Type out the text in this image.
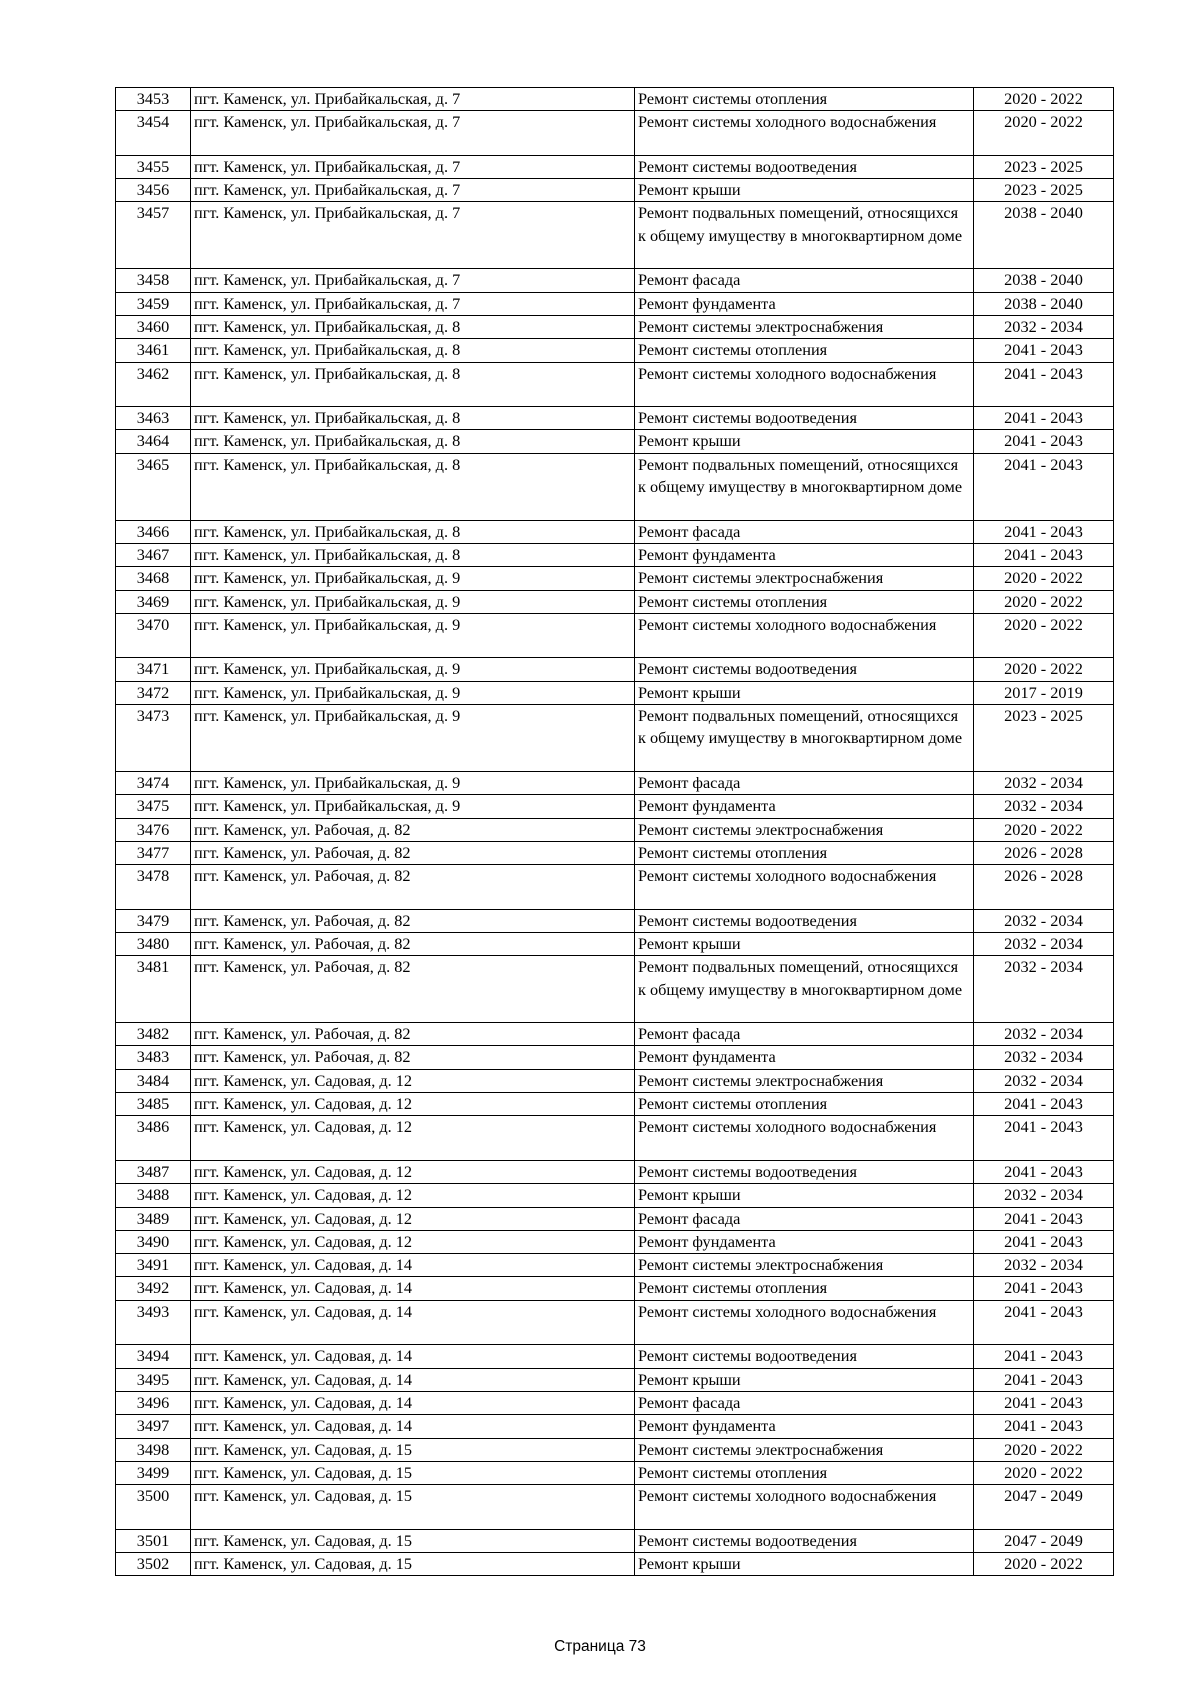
3453	пгт. Каменск, ул. Прибайкальская, д. 7	Ремонт системы отопления	2020 - 2022
3454	пгт. Каменск, ул. Прибайкальская, д. 7	Ремонт системы холодного водоснабжения	2020 - 2022
3455	пгт. Каменск, ул. Прибайкальская, д. 7	Ремонт системы водоотведения	2023 - 2025
3456	пгт. Каменск, ул. Прибайкальская, д. 7	Ремонт крыши	2023 - 2025
3457	пгт. Каменск, ул. Прибайкальская, д. 7	Ремонт подвальных помещений, относящихся к общему имуществу в многоквартирном доме	2038 - 2040
3458	пгт. Каменск, ул. Прибайкальская, д. 7	Ремонт фасада	2038 - 2040
3459	пгт. Каменск, ул. Прибайкальская, д. 7	Ремонт фундамента	2038 - 2040
3460	пгт. Каменск, ул. Прибайкальская, д. 8	Ремонт системы электроснабжения	2032 - 2034
3461	пгт. Каменск, ул. Прибайкальская, д. 8	Ремонт системы отопления	2041 - 2043
3462	пгт. Каменск, ул. Прибайкальская, д. 8	Ремонт системы холодного водоснабжения	2041 - 2043
3463	пгт. Каменск, ул. Прибайкальская, д. 8	Ремонт системы водоотведения	2041 - 2043
3464	пгт. Каменск, ул. Прибайкальская, д. 8	Ремонт крыши	2041 - 2043
3465	пгт. Каменск, ул. Прибайкальская, д. 8	Ремонт подвальных помещений, относящихся к общему имуществу в многоквартирном доме	2041 - 2043
3466	пгт. Каменск, ул. Прибайкальская, д. 8	Ремонт фасада	2041 - 2043
3467	пгт. Каменск, ул. Прибайкальская, д. 8	Ремонт фундамента	2041 - 2043
3468	пгт. Каменск, ул. Прибайкальская, д. 9	Ремонт системы электроснабжения	2020 - 2022
3469	пгт. Каменск, ул. Прибайкальская, д. 9	Ремонт системы отопления	2020 - 2022
3470	пгт. Каменск, ул. Прибайкальская, д. 9	Ремонт системы холодного водоснабжения	2020 - 2022
3471	пгт. Каменск, ул. Прибайкальская, д. 9	Ремонт системы водоотведения	2020 - 2022
3472	пгт. Каменск, ул. Прибайкальская, д. 9	Ремонт крыши	2017 - 2019
3473	пгт. Каменск, ул. Прибайкальская, д. 9	Ремонт подвальных помещений, относящихся к общему имуществу в многоквартирном доме	2023 - 2025
3474	пгт. Каменск, ул. Прибайкальская, д. 9	Ремонт фасада	2032 - 2034
3475	пгт. Каменск, ул. Прибайкальская, д. 9	Ремонт фундамента	2032 - 2034
3476	пгт. Каменск, ул. Рабочая, д. 82	Ремонт системы электроснабжения	2020 - 2022
3477	пгт. Каменск, ул. Рабочая, д. 82	Ремонт системы отопления	2026 - 2028
3478	пгт. Каменск, ул. Рабочая, д. 82	Ремонт системы холодного водоснабжения	2026 - 2028
3479	пгт. Каменск, ул. Рабочая, д. 82	Ремонт системы водоотведения	2032 - 2034
3480	пгт. Каменск, ул. Рабочая, д. 82	Ремонт крыши	2032 - 2034
3481	пгт. Каменск, ул. Рабочая, д. 82	Ремонт подвальных помещений, относящихся к общему имуществу в многоквартирном доме	2032 - 2034
3482	пгт. Каменск, ул. Рабочая, д. 82	Ремонт фасада	2032 - 2034
3483	пгт. Каменск, ул. Рабочая, д. 82	Ремонт фундамента	2032 - 2034
3484	пгт. Каменск, ул. Садовая, д. 12	Ремонт системы электроснабжения	2032 - 2034
3485	пгт. Каменск, ул. Садовая, д. 12	Ремонт системы отопления	2041 - 2043
3486	пгт. Каменск, ул. Садовая, д. 12	Ремонт системы холодного водоснабжения	2041 - 2043
3487	пгт. Каменск, ул. Садовая, д. 12	Ремонт системы водоотведения	2041 - 2043
3488	пгт. Каменск, ул. Садовая, д. 12	Ремонт крыши	2032 - 2034
3489	пгт. Каменск, ул. Садовая, д. 12	Ремонт фасада	2041 - 2043
3490	пгт. Каменск, ул. Садовая, д. 12	Ремонт фундамента	2041 - 2043
3491	пгт. Каменск, ул. Садовая, д. 14	Ремонт системы электроснабжения	2032 - 2034
3492	пгт. Каменск, ул. Садовая, д. 14	Ремонт системы отопления	2041 - 2043
3493	пгт. Каменск, ул. Садовая, д. 14	Ремонт системы холодного водоснабжения	2041 - 2043
3494	пгт. Каменск, ул. Садовая, д. 14	Ремонт системы водоотведения	2041 - 2043
3495	пгт. Каменск, ул. Садовая, д. 14	Ремонт крыши	2041 - 2043
3496	пгт. Каменск, ул. Садовая, д. 14	Ремонт фасада	2041 - 2043
3497	пгт. Каменск, ул. Садовая, д. 14	Ремонт фундамента	2041 - 2043
3498	пгт. Каменск, ул. Садовая, д. 15	Ремонт системы электроснабжения	2020 - 2022
3499	пгт. Каменск, ул. Садовая, д. 15	Ремонт системы отопления	2020 - 2022
3500	пгт. Каменск, ул. Садовая, д. 15	Ремонт системы холодного водоснабжения	2047 - 2049
3501	пгт. Каменск, ул. Садовая, д. 15	Ремонт системы водоотведения	2047 - 2049
3502	пгт. Каменск, ул. Садовая, д. 15	Ремонт крыши	2020 - 2022
Страница 73
